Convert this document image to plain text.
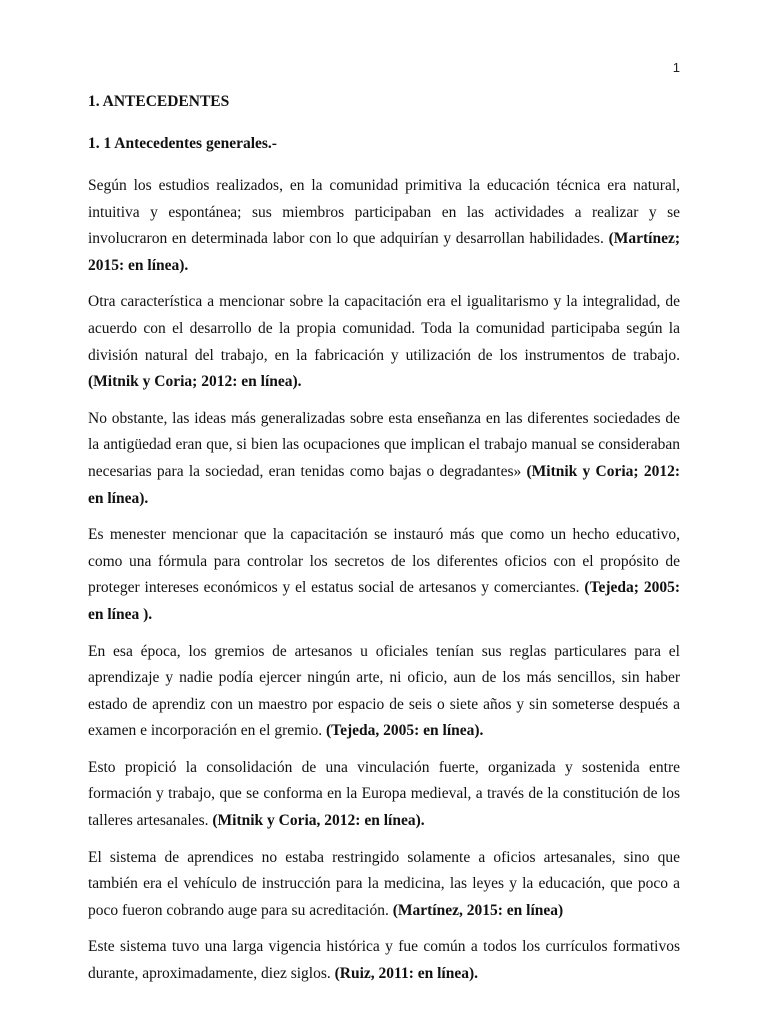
1
1. ANTECEDENTES
1. 1 Antecedentes generales.-

Según los estudios realizados, en la comunidad primitiva la educación técnica era natural, intuitiva y espontánea; sus miembros participaban en las actividades a realizar y se involucraron en determinada labor con lo que adquirían y desarrollan habilidades. (Martínez; 2015: en línea).

Otra característica a mencionar sobre la capacitación era el igualitarismo y la integralidad, de acuerdo con el desarrollo de la propia comunidad. Toda la comunidad participaba según la división natural del trabajo, en la fabricación y utilización de los instrumentos de trabajo. (Mitnik y Coria; 2012: en línea).

No obstante, las ideas más generalizadas sobre esta enseñanza en las diferentes sociedades de la antigüedad eran que, si bien las ocupaciones que implican el trabajo manual se consideraban necesarias para la sociedad, eran tenidas como bajas o degradantes» (Mitnik y Coria; 2012: en línea).

Es menester mencionar que la capacitación se instauró más que como un hecho educativo, como una fórmula para controlar los secretos de los diferentes oficios con el propósito de proteger intereses económicos y el estatus social de artesanos y comerciantes. (Tejeda; 2005: en línea ).

En esa época, los gremios de artesanos u oficiales tenían sus reglas particulares para el aprendizaje y nadie podía ejercer ningún arte, ni oficio, aun de los más sencillos, sin haber estado de aprendiz con un maestro por espacio de seis o siete años y sin someterse después a examen e incorporación en el gremio. (Tejeda, 2005: en línea).

Esto propició la consolidación de una vinculación fuerte, organizada y sostenida entre formación y trabajo, que se conforma en la Europa medieval, a través de la constitución de los talleres artesanales. (Mitnik y Coria, 2012: en línea).

El sistema de aprendices no estaba restringido solamente a oficios artesanales, sino que también era el vehículo de instrucción para la medicina, las leyes y la educación, que poco a poco fueron cobrando auge para su acreditación. (Martínez, 2015: en línea)

Este sistema tuvo una larga vigencia histórica y fue común a todos los currículos formativos durante, aproximadamente, diez siglos. (Ruiz, 2011: en línea).
